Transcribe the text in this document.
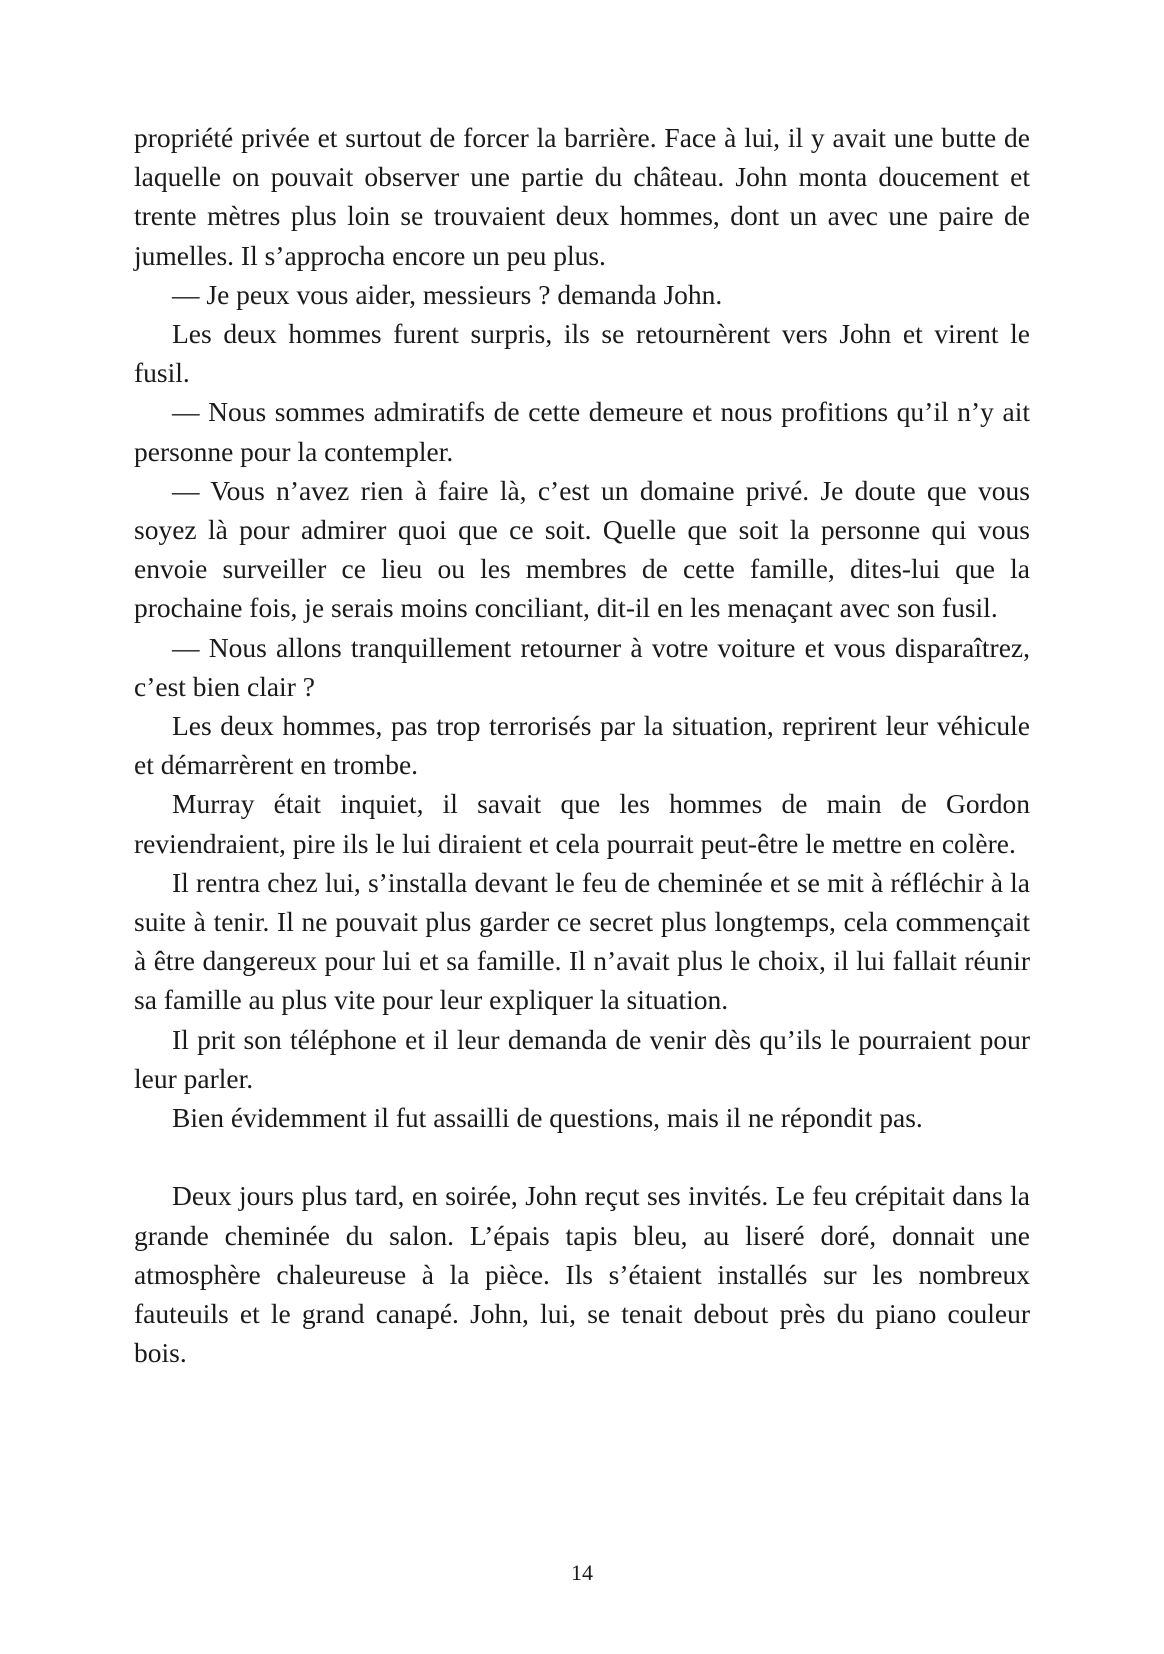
propriété privée et surtout de forcer la barrière. Face à lui, il y avait une butte de laquelle on pouvait observer une partie du château. John monta doucement et trente mètres plus loin se trouvaient deux hommes, dont un avec une paire de jumelles. Il s’approcha encore un peu plus.

— Je peux vous aider, messieurs ? demanda John.

Les deux hommes furent surpris, ils se retournèrent vers John et virent le fusil.

— Nous sommes admiratifs de cette demeure et nous profitions qu’il n’y ait personne pour la contempler.

— Vous n’avez rien à faire là, c’est un domaine privé. Je doute que vous soyez là pour admirer quoi que ce soit. Quelle que soit la personne qui vous envoie surveiller ce lieu ou les membres de cette famille, dites-lui que la prochaine fois, je serais moins conciliant, dit-il en les menaçant avec son fusil.

— Nous allons tranquillement retourner à votre voiture et vous disparaîtrez, c’est bien clair ?

Les deux hommes, pas trop terrorisés par la situation, reprirent leur véhicule et démarrèrent en trombe.

Murray était inquiet, il savait que les hommes de main de Gordon reviendraient, pire ils le lui diraient et cela pourrait peut-être le mettre en colère.

Il rentra chez lui, s’installa devant le feu de cheminée et se mit à réfléchir à la suite à tenir. Il ne pouvait plus garder ce secret plus longtemps, cela commençait à être dangereux pour lui et sa famille. Il n’avait plus le choix, il lui fallait réunir sa famille au plus vite pour leur expliquer la situation.

Il prit son téléphone et il leur demanda de venir dès qu’ils le pourraient pour leur parler.

Bien évidemment il fut assailli de questions, mais il ne répondit pas.

Deux jours plus tard, en soirée, John reçut ses invités. Le feu crépitait dans la grande cheminée du salon. L’épais tapis bleu, au liseré doré, donnait une atmosphère chaleureuse à la pièce. Ils s’étaient installés sur les nombreux fauteuils et le grand canapé. John, lui, se tenait debout près du piano couleur bois.

14
